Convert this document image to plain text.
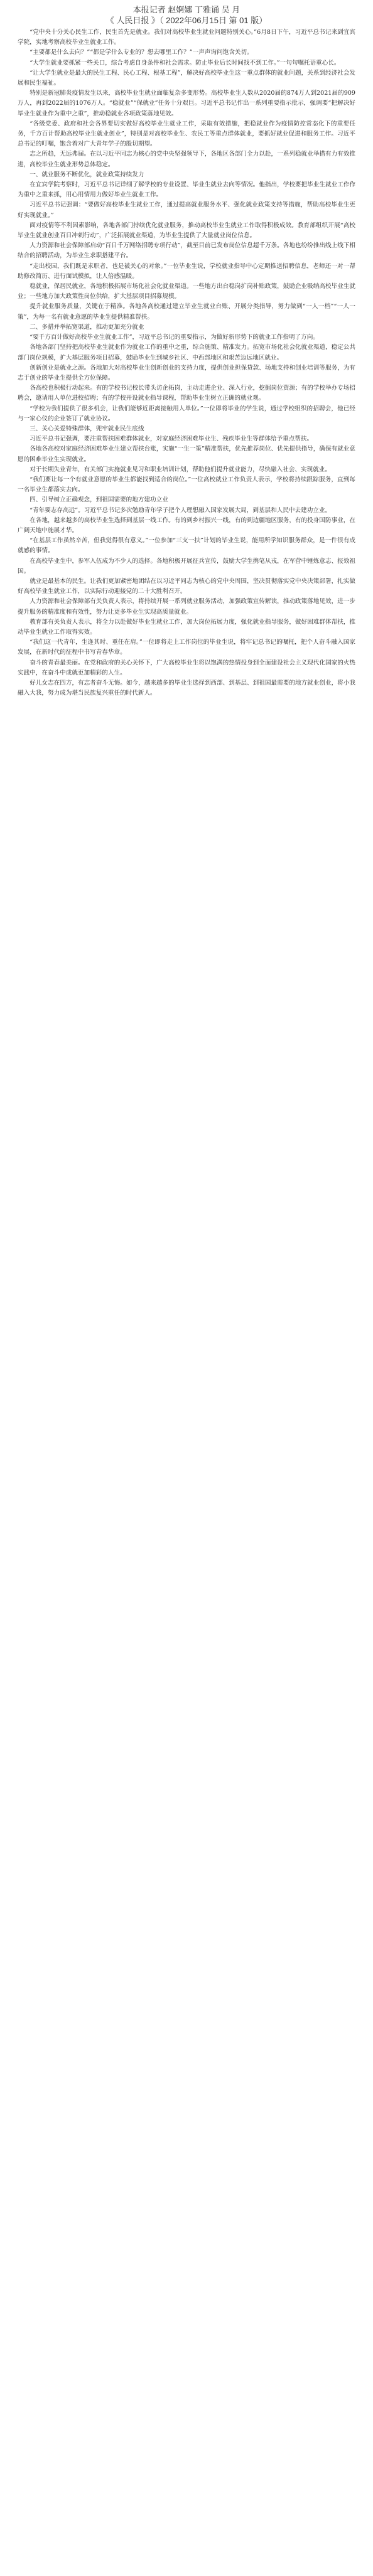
本报记者 赵婀娜 丁雅诵 吴 月
《 人民日报 》（ 2022年06月15日 第 01 版）

“党中央十分关心民生工作，民生首先是就业。我们对高校毕业生就业问题特别关心。”6月8日下午，习近平总书记来到宜宾学院，实地考察高校毕业生就业工作。

“主要都是什么去向？”“都是学什么专业的？想去哪里工作？”一声声询问饱含关切。

“大学生就业要抓紧一些关口，综合考虑自身条件和社会需求。防止毕业后长时间找不到工作。”一句句嘱托语重心长。

“让大学生就业是最大的民生工程、民心工程、根基工程”，解决好高校毕业生这一重点群体的就业问题，关系到经济社会发展和民生福祉。

特别是新冠肺炎疫情发生以来，高校毕业生就业面临复杂多变形势。高校毕业生人数从2020届的874万人到2021届的909万人，再到2022届的1076万人。“稳就业”“保就业”任务十分艰巨。习近平总书记作出一系列重要指示批示，强调要“把解决好毕业生就业作为重中之重”，推动稳就业各项政策落地见效。

“各级党委、政府和社会各界要切实做好高校毕业生就业工作，采取有效措施，把稳就业作为疫情防控常态化下的重要任务，千方百计帮助高校毕业生就业创业”，特别是对高校毕业生、农民工等重点群体就业，要抓好就业促进和服务工作。习近平总书记的叮嘱，饱含着对广大青年学子的殷切期望。

志之所趋，无远弗届。在以习近平同志为核心的党中央坚强领导下，各地区各部门全力以赴，一系列稳就业举措有力有效推进，高校毕业生就业形势总体稳定。

一、就业服务不断优化，就业政策持续发力

在宜宾学院考察时，习近平总书记详细了解学校的专业设置、毕业生就业去向等情况。他指出，学校要把毕业生就业工作作为重中之重来抓，用心用情用力做好毕业生就业工作。

习近平总书记强调：“要做好高校毕业生就业工作，通过提高就业服务水平、强化就业政策支持等措施，帮助高校毕业生更好实现就业。”

面对疫情等不利因素影响，各地各部门持续优化就业服务，推动高校毕业生就业工作取得积极成效。教育部组织开展“高校毕业生就业创业百日冲刺行动”，广泛拓展就业渠道，为毕业生提供了大量就业岗位信息。

人力资源和社会保障部启动“百日千万网络招聘专项行动”，截至目前已发布岗位信息超千万条。各地也纷纷推出线上线下相结合的招聘活动，为毕业生求职搭建平台。

“走出校园，我们既是求职者，也是被关心的对象。”一位毕业生说，学校就业指导中心定期推送招聘信息，老师还一对一帮助修改简历、进行面试模拟，让人倍感温暖。

稳就业，保居民就业，各地积极拓展市场化社会化就业渠道。一些地方出台稳岗扩岗补贴政策，鼓励企业吸纳高校毕业生就业；一些地方加大政策性岗位供给，扩大基层项目招募规模。

提升就业服务质量，关键在于精准。各地各高校通过建立毕业生就业台账、开展分类指导，努力做到“一人一档”“一人一策”，为每一名有就业意愿的毕业生提供精准帮扶。

二、多措并举拓宽渠道，推动更加充分就业

“要千方百计做好高校毕业生就业工作”，习近平总书记的重要指示，为做好新形势下的就业工作指明了方向。

各地各部门坚持把高校毕业生就业作为就业工作的重中之重，综合施策、精准发力。拓宽市场化社会化就业渠道，稳定公共部门岗位规模，扩大基层服务项目招募，鼓励毕业生到城乡社区、中西部地区和艰苦边远地区就业。

创新创业是就业之源。各地加大对高校毕业生创新创业的支持力度，提供创业担保贷款、场地支持和创业培训等服务，为有志于创业的毕业生提供全方位保障。

各高校也积极行动起来。有的学校书记校长带头访企拓岗，主动走进企业、深入行业，挖掘岗位资源；有的学校举办专场招聘会，邀请用人单位进校招聘；有的学校开设就业指导课程，帮助毕业生树立正确的就业观。

“学校为我们提供了很多机会，让我们能够近距离接触用人单位。”一位即将毕业的学生说，通过学校组织的招聘会，他已经与一家心仪的企业签订了就业协议。

三、关心关爱特殊群体，兜牢就业民生底线

习近平总书记强调，要注重帮扶困难群体就业，对家庭经济困难毕业生、残疾毕业生等群体给予重点帮扶。

各地各高校对家庭经济困难毕业生建立帮扶台账，实施“一生一策”精准帮扶，优先推荐岗位、优先提供指导，确保有就业意愿的困难毕业生实现就业。

对于长期失业青年，有关部门实施就业见习和职业培训计划，帮助他们提升就业能力，尽快融入社会、实现就业。

“我们要让每一个有就业意愿的毕业生都能找到适合的岗位。”一位高校就业工作负责人表示，学校将持续跟踪服务，直到每一名毕业生都落实去向。

四、引导树立正确观念，到祖国需要的地方建功立业

“青年要志存高远”。习近平总书记多次勉励青年学子把个人理想融入国家发展大局，到基层和人民中去建功立业。

在各地，越来越多的高校毕业生选择到基层一线工作。有的到乡村振兴一线，有的到边疆地区服务，有的投身国防事业，在广阔天地中施展才华。

“在基层工作虽然辛苦，但我觉得很有意义。”一位参加“三支一扶”计划的毕业生说，能用所学知识服务群众，是一件很有成就感的事情。

在高校毕业生中，参军入伍成为不少人的选择。各地积极开展征兵宣传，鼓励大学生携笔从戎，在军营中锤炼意志、报效祖国。

就业是最基本的民生。让我们更加紧密地团结在以习近平同志为核心的党中央周围，坚决贯彻落实党中央决策部署，扎实做好高校毕业生就业工作，以实际行动迎接党的二十大胜利召开。

人力资源和社会保障部有关负责人表示，将持续开展一系列就业服务活动，加强政策宣传解读，推动政策落地见效，进一步提升服务的精准度和有效性，努力让更多毕业生实现高质量就业。

教育部有关负责人表示，将全力以赴做好毕业生就业工作，加大岗位拓展力度，强化就业指导服务，做好困难群体帮扶，推动毕业生就业工作取得实效。

“我们这一代青年，生逢其时、重任在肩。”一位即将走上工作岗位的毕业生说，将牢记总书记的嘱托，把个人奋斗融入国家发展，在新时代的征程中书写青春华章。

奋斗的青春最美丽。在党和政府的关心关怀下，广大高校毕业生将以饱满的热情投身到全面建设社会主义现代化国家的火热实践中，在奋斗中成就更加精彩的人生。

好儿女志在四方，有志者奋斗无悔。如今，越来越多的毕业生选择到西部、到基层、到祖国最需要的地方就业创业，将小我融入大我，努力成为堪当民族复兴重任的时代新人。
